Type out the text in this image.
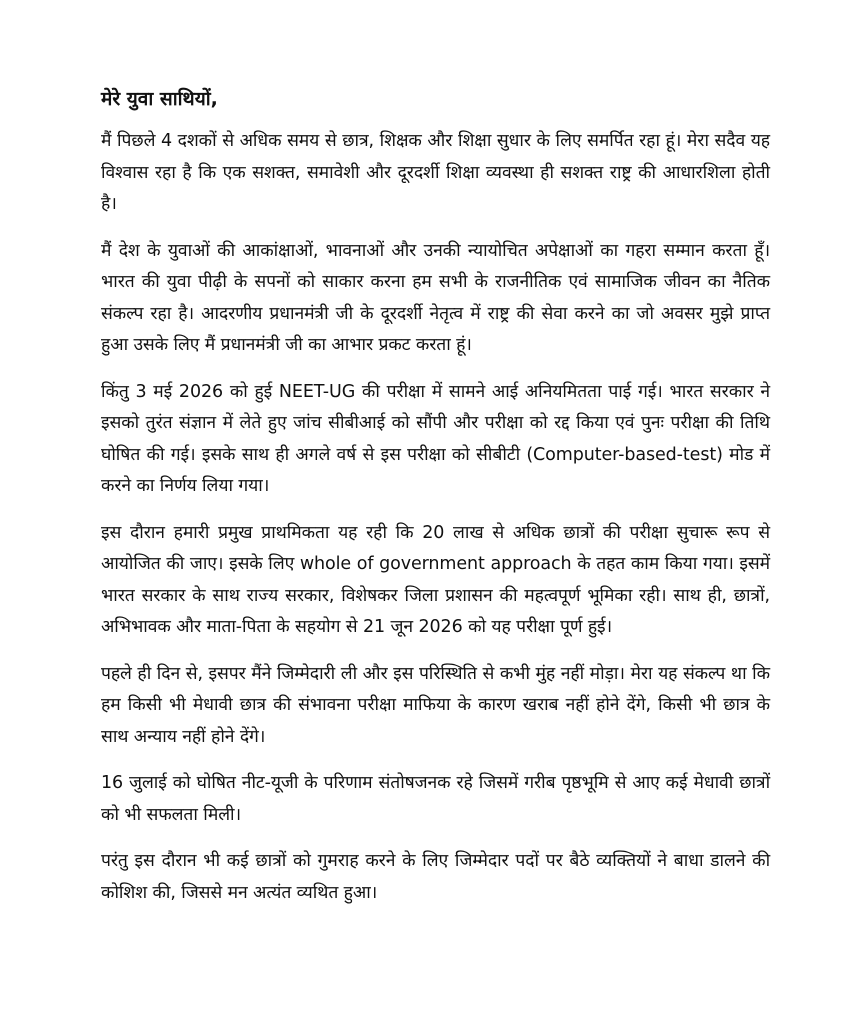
मेरे युवा साथियों,

मैं पिछले 4 दशकों से अधिक समय से छात्र, शिक्षक और शिक्षा सुधार के लिए समर्पित रहा हूं। मेरा सदैव यह विश्वास रहा है कि एक सशक्त, समावेशी और दूरदर्शी शिक्षा व्यवस्था ही सशक्त राष्ट्र की आधारशिला होती है।

मैं देश के युवाओं की आकांक्षाओं, भावनाओं और उनकी न्यायोचित अपेक्षाओं का गहरा सम्मान करता हूँ। भारत की युवा पीढ़ी के सपनों को साकार करना हम सभी के राजनीतिक एवं सामाजिक जीवन का नैतिक संकल्प रहा है। आदरणीय प्रधानमंत्री जी के दूरदर्शी नेतृत्व में राष्ट्र की सेवा करने का जो अवसर मुझे प्राप्त हुआ उसके लिए मैं प्रधानमंत्री जी का आभार प्रकट करता हूं।

किंतु 3 मई 2026 को हुई NEET-UG की परीक्षा में सामने आई अनियमितता पाई गई। भारत सरकार ने इसको तुरंत संज्ञान में लेते हुए जांच सीबीआई को सौंपी और परीक्षा को रद्द किया एवं पुनः परीक्षा की तिथि घोषित की गई। इसके साथ ही अगले वर्ष से इस परीक्षा को सीबीटी (Computer-based-test) मोड में करने का निर्णय लिया गया।

इस दौरान हमारी प्रमुख प्राथमिकता यह रही कि 20 लाख से अधिक छात्रों की परीक्षा सुचारू रूप से आयोजित की जाए। इसके लिए whole of government approach के तहत काम किया गया। इसमें भारत सरकार के साथ राज्य सरकार, विशेषकर जिला प्रशासन की महत्वपूर्ण भूमिका रही। साथ ही, छात्रों, अभिभावक और माता-पिता के सहयोग से 21 जून 2026 को यह परीक्षा पूर्ण हुई।

पहले ही दिन से, इसपर मैंने जिम्मेदारी ली और इस परिस्थिति से कभी मुंह नहीं मोड़ा। मेरा यह संकल्प था कि हम किसी भी मेधावी छात्र की संभावना परीक्षा माफिया के कारण खराब नहीं होने देंगे, किसी भी छात्र के साथ अन्याय नहीं होने देंगे।

16 जुलाई को घोषित नीट-यूजी के परिणाम संतोषजनक रहे जिसमें गरीब पृष्ठभूमि से आए कई मेधावी छात्रों को भी सफलता मिली।

परंतु इस दौरान भी कई छात्रों को गुमराह करने के लिए जिम्मेदार पदों पर बैठे व्यक्तियों ने बाधा डालने की कोशिश की, जिससे मन अत्यंत व्यथित हुआ।
